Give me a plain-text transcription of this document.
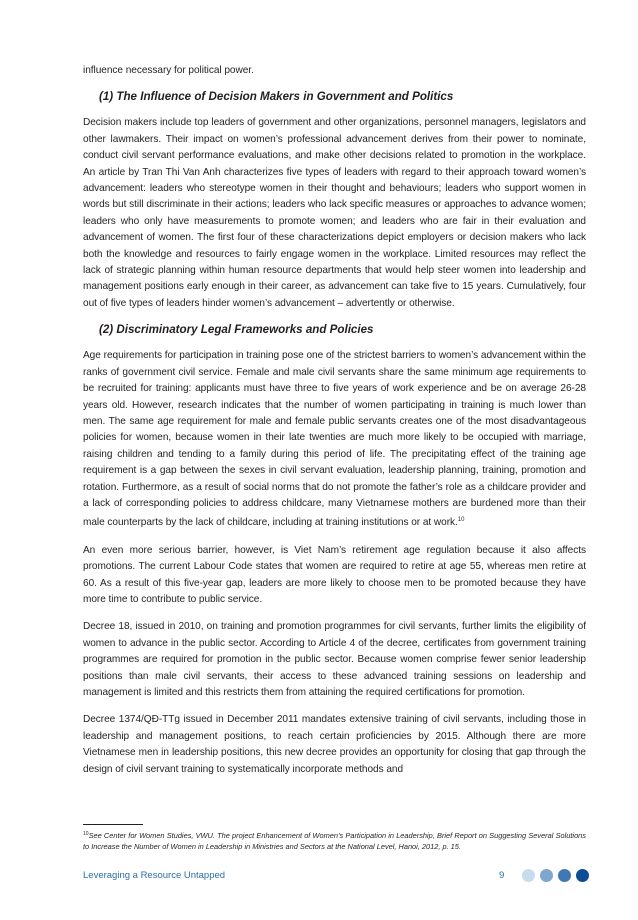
influence necessary for political power.

(1) The Influence of Decision Makers in Government and Politics

Decision makers include top leaders of government and other organizations, personnel managers, legislators and other lawmakers. Their impact on women’s professional advancement derives from their power to nominate, conduct civil servant performance evaluations, and make other decisions related to promotion in the workplace. An article by Tran Thi Van Anh characterizes five types of leaders with regard to their approach toward women’s advancement: leaders who stereotype women in their thought and behaviours; leaders who support women in words but still discriminate in their actions; leaders who lack specific measures or approaches to advance women; leaders who only have measurements to promote women; and leaders who are fair in their evaluation and advancement of women. The first four of these characterizations depict employers or decision makers who lack both the knowledge and resources to fairly engage women in the workplace. Limited resources may reflect the lack of strategic planning within human resource departments that would help steer women into leadership and management positions early enough in their career, as advancement can take five to 15 years. Cumulatively, four out of five types of leaders hinder women’s advancement – advertently or otherwise.

(2) Discriminatory Legal Frameworks and Policies

Age requirements for participation in training pose one of the strictest barriers to women’s advancement within the ranks of government civil service. Female and male civil servants share the same minimum age requirements to be recruited for training: applicants must have three to five years of work experience and be on average 26-28 years old. However, research indicates that the number of women participating in training is much lower than men. The same age requirement for male and female public servants creates one of the most disadvantageous policies for women, because women in their late twenties are much more likely to be occupied with marriage, raising children and tending to a family during this period of life. The precipitating effect of the training age requirement is a gap between the sexes in civil servant evaluation, leadership planning, training, promotion and rotation. Furthermore, as a result of social norms that do not promote the father’s role as a childcare provider and a lack of corresponding policies to address childcare, many Vietnamese mothers are burdened more than their male counterparts by the lack of childcare, including at training institutions or at work.$^{10}$

An even more serious barrier, however, is Viet Nam’s retirement age regulation because it also affects promotions. The current Labour Code states that women are required to retire at age 55, whereas men retire at 60. As a result of this five-year gap, leaders are more likely to choose men to be promoted because they have more time to contribute to public service.

Decree 18, issued in 2010, on training and promotion programmes for civil servants, further limits the eligibility of women to advance in the public sector. According to Article 4 of the decree, certificates from government training programmes are required for promotion in the public sector. Because women comprise fewer senior leadership positions than male civil servants, their access to these advanced training sessions on leadership and management is limited and this restricts them from attaining the required certifications for promotion.

Decree 1374/QĐ-TTg issued in December 2011 mandates extensive training of civil servants, including those in leadership and management positions, to reach certain proficiencies by 2015. Although there are more Vietnamese men in leadership positions, this new decree provides an opportunity for closing that gap through the design of civil servant training to systematically incorporate methods and

$^{10}$See Center for Women Studies, VWU. The project Enhancement of Women’s Participation in Leadership, Brief Report on Suggesting Several Solutions to Increase the Number of Women in Leadership in Ministries and Sectors at the National Level, Hanoi, 2012, p. 15.
Leveraging a Resource Untapped	9
